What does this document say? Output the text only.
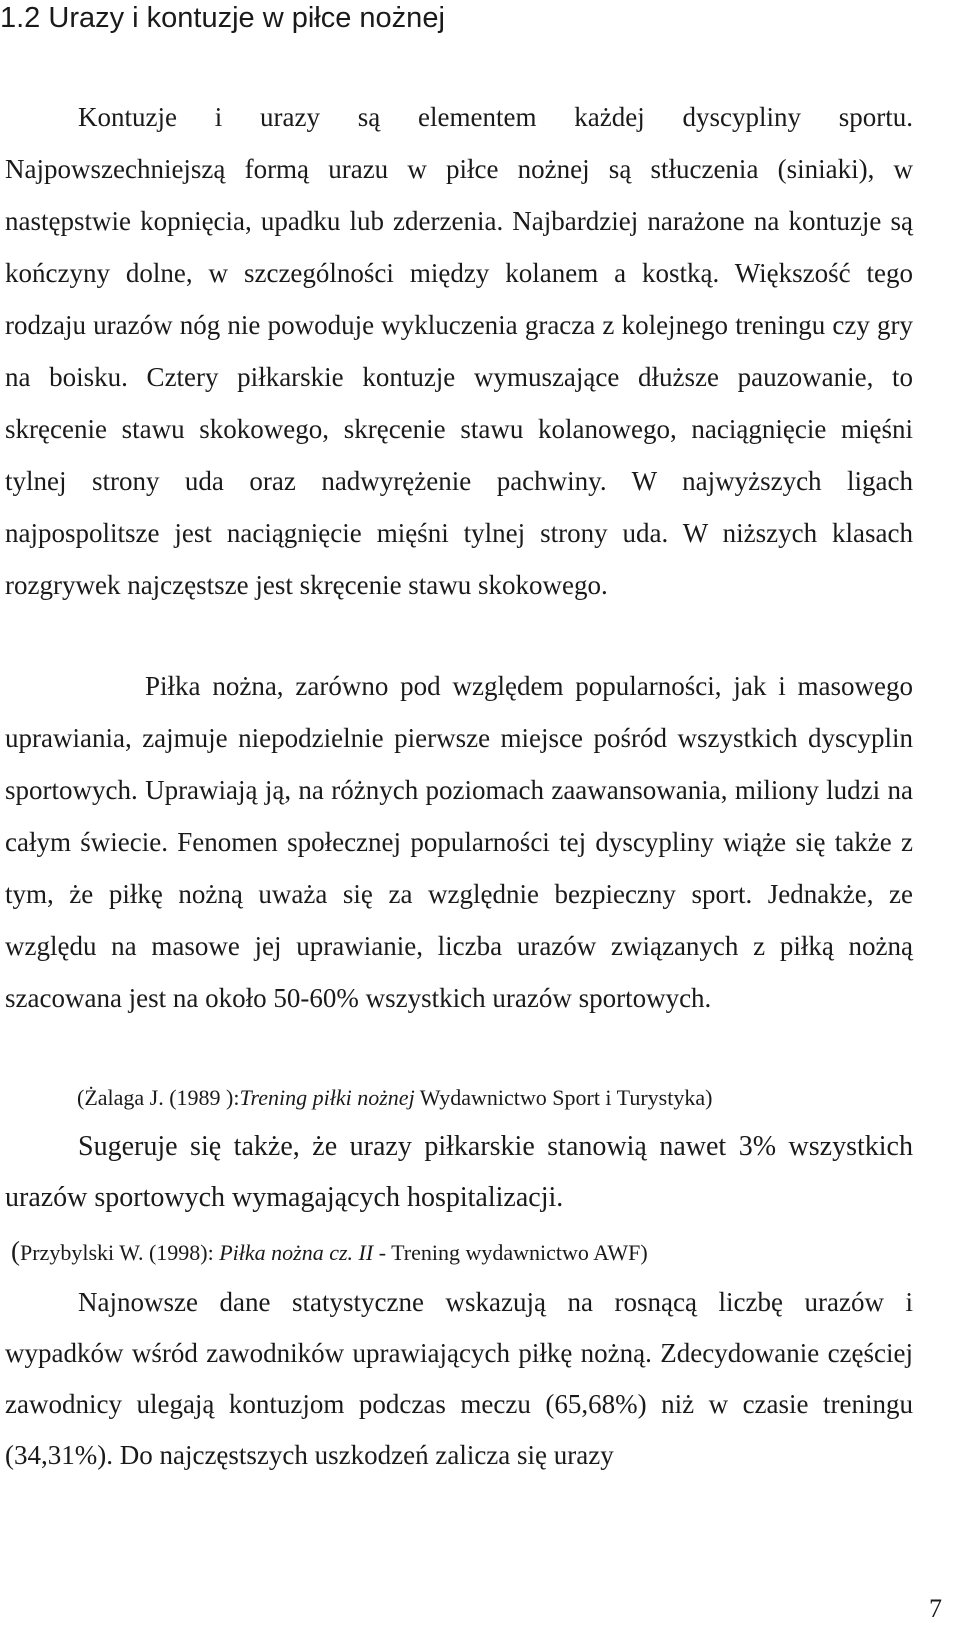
1.2 Urazy i kontuzje w piłce nożnej

Kontuzje i urazy są elementem każdej dyscypliny sportu. Najpowszechniejszą formą urazu w piłce nożnej są stłuczenia (siniaki), w następstwie kopnięcia, upadku lub zderzenia. Najbardziej narażone na kontuzje są kończyny dolne, w szczególności między kolanem a kostką. Większość tego rodzaju urazów nóg nie powoduje wykluczenia gracza z kolejnego treningu czy gry na boisku. Cztery piłkarskie kontuzje wymuszające dłuższe pauzowanie, to skręcenie stawu skokowego, skręcenie stawu kolanowego, naciągnięcie mięśni tylnej strony uda oraz nadwyrężenie pachwiny. W najwyższych ligach najpospolitsze jest naciągnięcie mięśni tylnej strony uda. W niższych klasach rozgrywek najczęstsze jest skręcenie stawu skokowego.

Piłka nożna, zarówno pod względem popularności, jak i masowego uprawiania, zajmuje niepodzielnie pierwsze miejsce pośród wszystkich dyscyplin sportowych. Uprawiają ją, na różnych poziomach zaawansowania, miliony ludzi na całym świecie. Fenomen społecznej popularności tej dyscypliny wiąże się także z tym, że piłkę nożną uważa się za względnie bezpieczny sport. Jednakże, ze względu na masowe jej uprawianie, liczba urazów związanych z piłką nożną szacowana jest na około 50-60% wszystkich urazów sportowych.

(Żalaga J. (1989 ):Trening piłki nożnej Wydawnictwo Sport i Turystyka)

Sugeruje się także, że urazy piłkarskie stanowią nawet 3% wszystkich urazów sportowych wymagających hospitalizacji.

(Przybylski W. (1998): Piłka nożna cz. II - Trening wydawnictwo AWF)

Najnowsze dane statystyczne wskazują na rosnącą liczbę urazów i wypadków wśród zawodników uprawiających piłkę nożną. Zdecydowanie częściej zawodnicy ulegają kontuzjom podczas meczu (65,68%) niż w czasie treningu (34,31%). Do najczęstszych uszkodzeń zalicza się urazy

7
